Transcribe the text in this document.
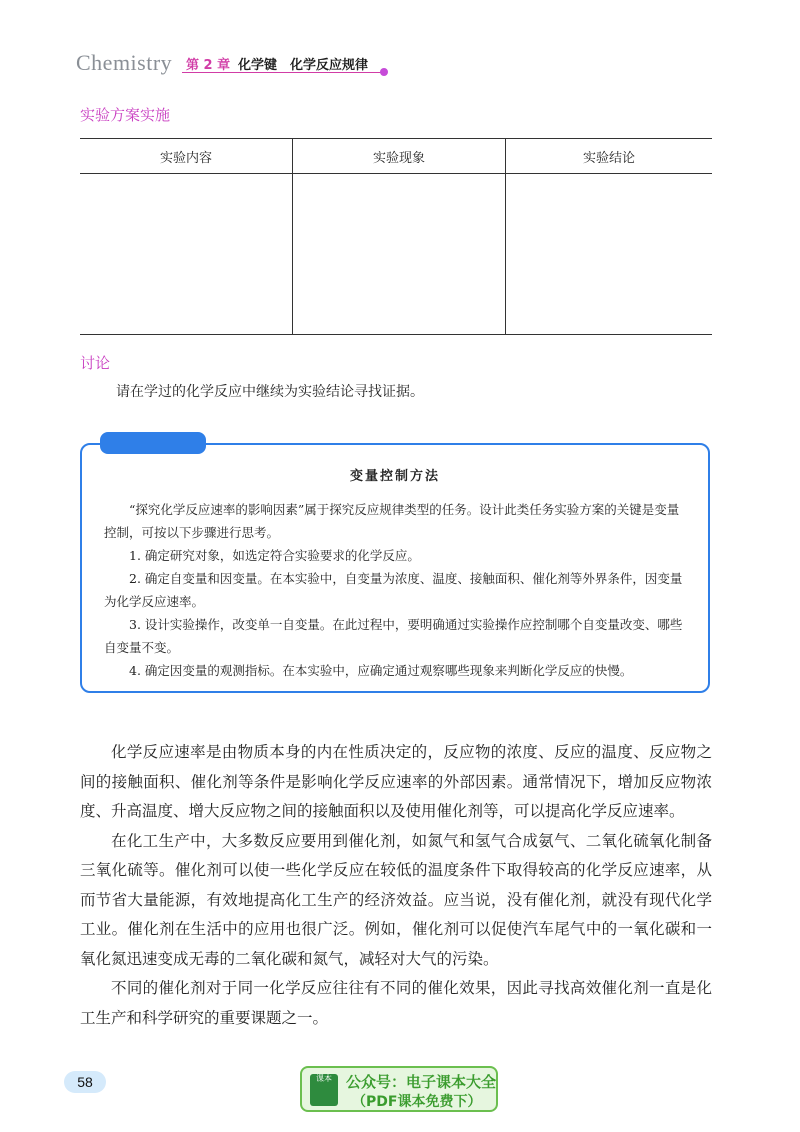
Chemistry 第 2 章 化学键　化学反应规律
实验方案实施
实验内容	实验现象	实验结论

讨论
请在学过的化学反应中继续为实验结论寻找证据。
变量控制方法

“探究化学反应速率的影响因素”属于探究反应规律类型的任务。设计此类任务实验方案的关键是变量控制，可按以下步骤进行思考。

1. 确定研究对象，如选定符合实验要求的化学反应。

2. 确定自变量和因变量。在本实验中，自变量为浓度、温度、接触面积、催化剂等外界条件，因变量为化学反应速率。

3. 设计实验操作，改变单一自变量。在此过程中，要明确通过实验操作应控制哪个自变量改变、哪些自变量不变。

4. 确定因变量的观测指标。在本实验中，应确定通过观察哪些现象来判断化学反应的快慢。

化学反应速率是由物质本身的内在性质决定的，反应物的浓度、反应的温度、反应物之间的接触面积、催化剂等条件是影响化学反应速率的外部因素。通常情况下，增加反应物浓度、升高温度、增大反应物之间的接触面积以及使用催化剂等，可以提高化学反应速率。

在化工生产中，大多数反应要用到催化剂，如氮气和氢气合成氨气、二氧化硫氧化制备三氧化硫等。催化剂可以使一些化学反应在较低的温度条件下取得较高的化学反应速率，从而节省大量能源，有效地提高化工生产的经济效益。应当说，没有催化剂，就没有现代化学工业。催化剂在生活中的应用也很广泛。例如，催化剂可以促使汽车尾气中的一氧化碳和一氧化氮迅速变成无毒的二氧化碳和氮气，减轻对大气的污染。

不同的催化剂对于同一化学反应往往有不同的催化效果，因此寻找高效催化剂一直是化工生产和科学研究的重要课题之一。

58	课本 公众号：电子课本大全
（PDF课本免费下）
